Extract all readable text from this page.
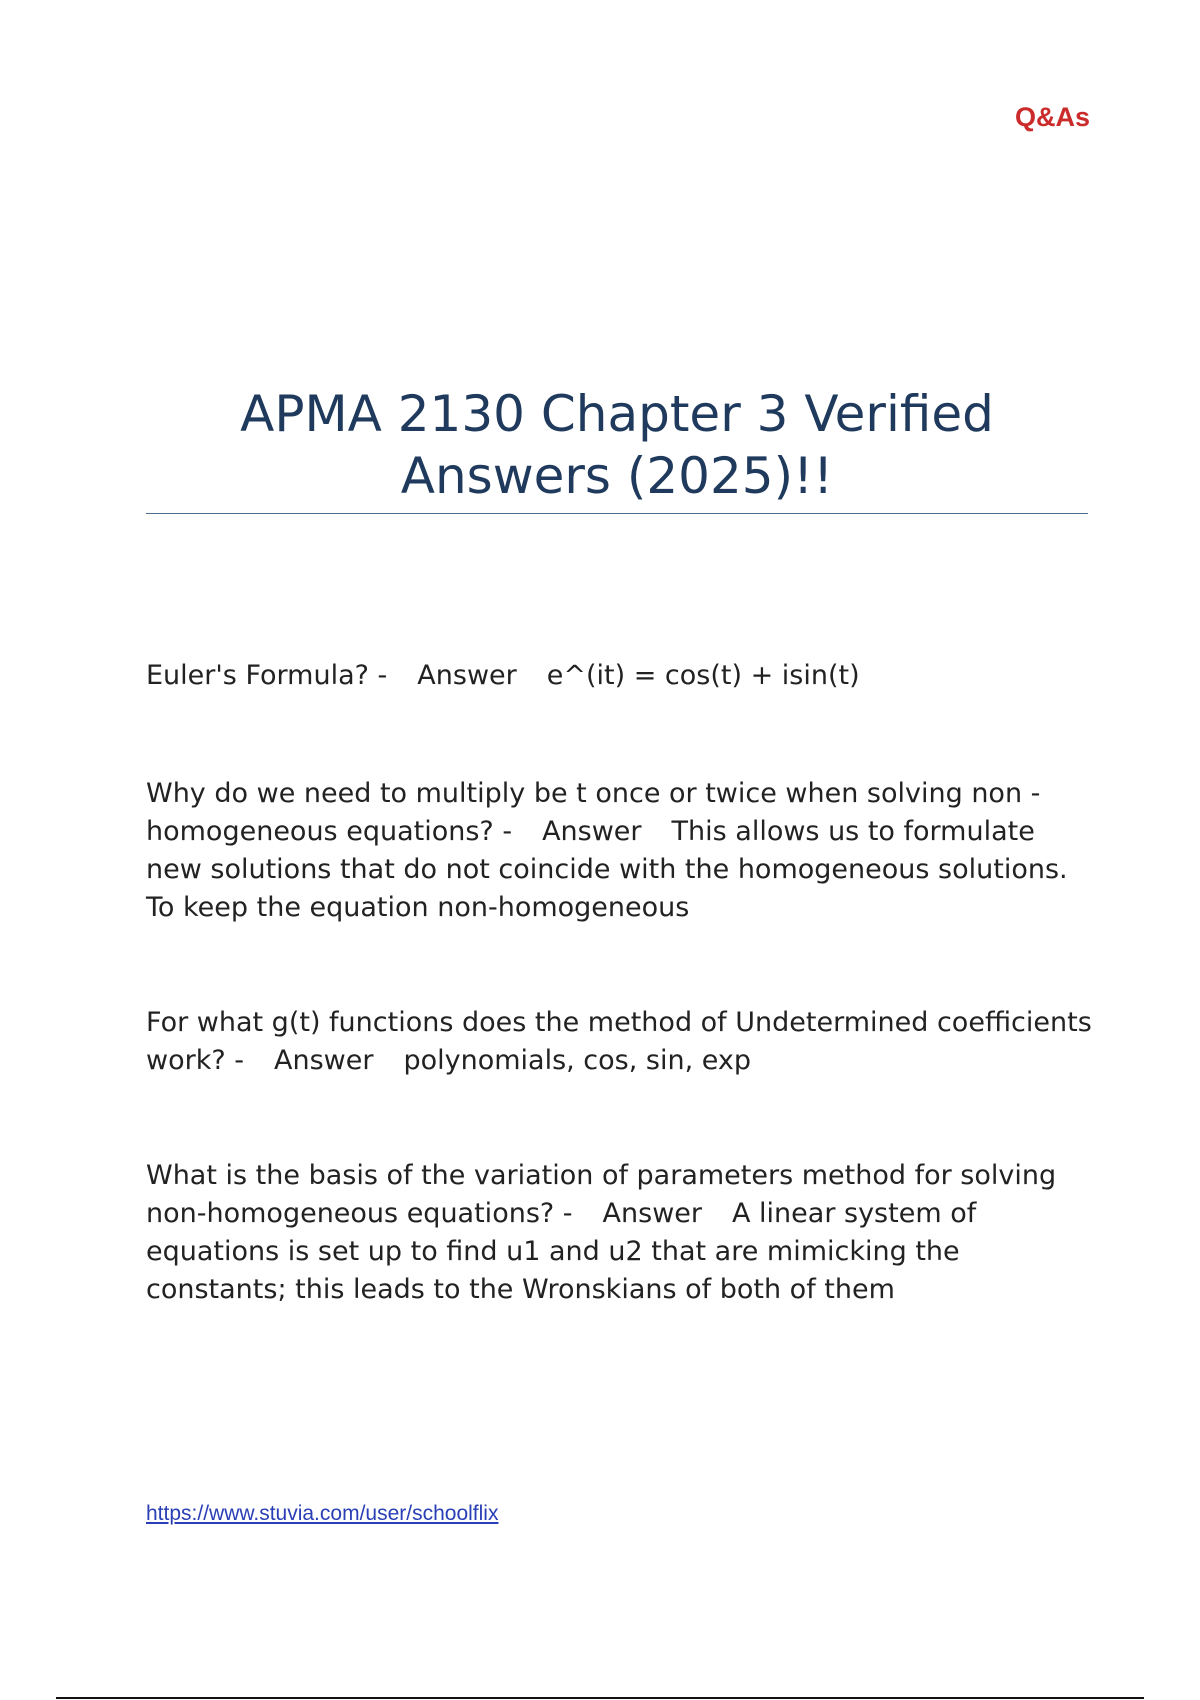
Q&As

APMA 2130 Chapter 3 Verified Answers (2025)!!

Euler's Formula? - Answer e^(it) = cos(t) + isin(t)

Why do we need to multiply be t once or twice when solving non - homogeneous equations? - Answer This allows us to formulate new solutions that do not coincide with the homogeneous solutions. To keep the equation non-homogeneous

For what g(t) functions does the method of Undetermined coefficients work? - Answer polynomials, cos, sin, exp

What is the basis of the variation of parameters method for solving non-homogeneous equations? - Answer A linear system of equations is set up to find u1 and u2 that are mimicking the constants; this leads to the Wronskians of both of them

https://www.stuvia.com/user/schoolflix
